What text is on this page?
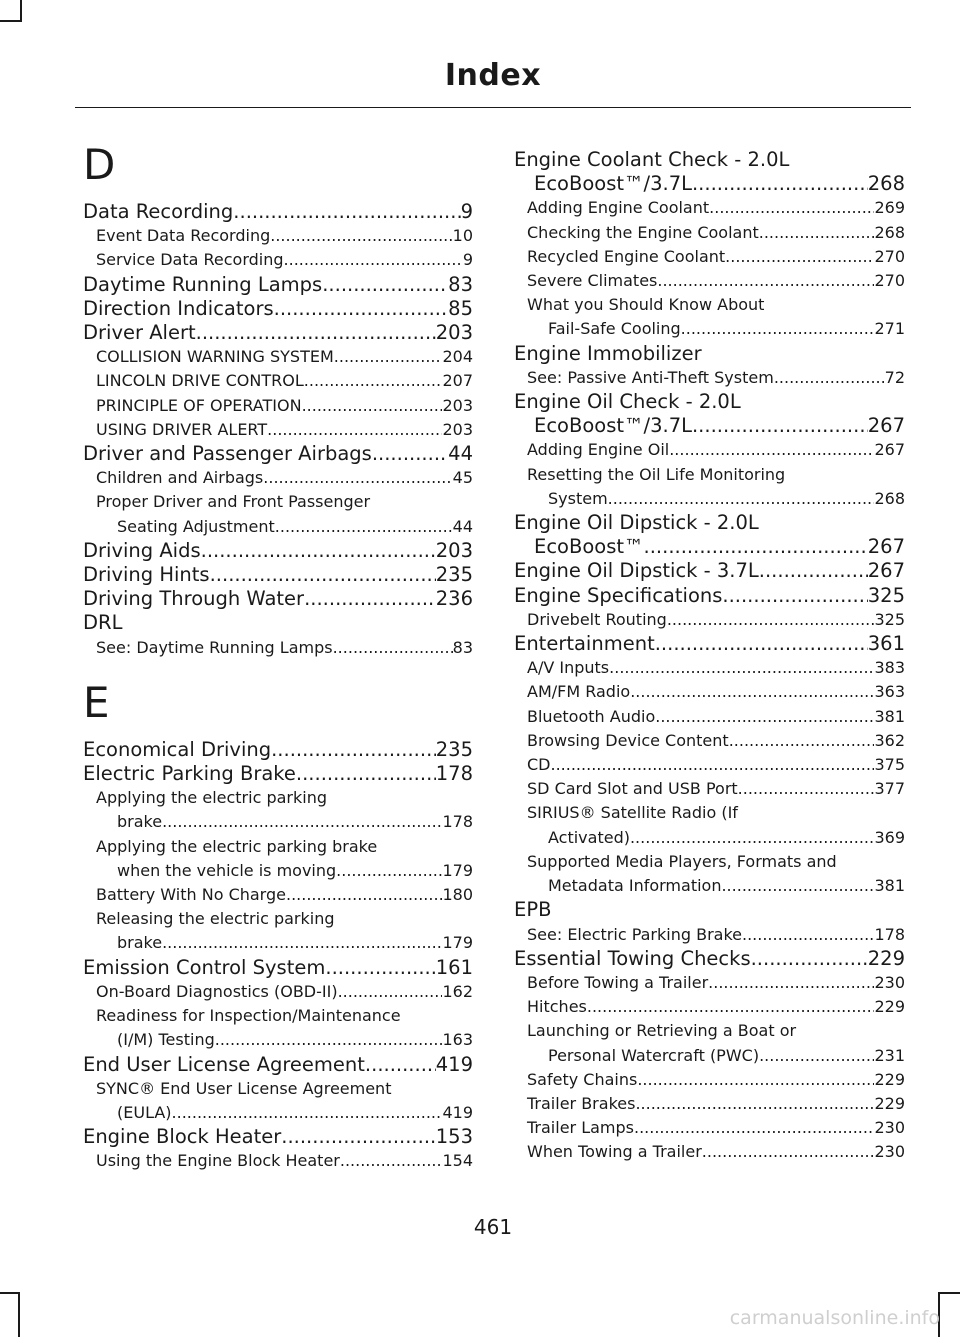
Index
D
Data Recording .....	9
Event Data Recording .....	10
Service Data Recording .....	9
Daytime Running Lamps .....	83
Direction Indicators .....	85
Driver Alert .....	203
COLLISION WARNING SYSTEM .....	204
LINCOLN DRIVE CONTROL .....	207
PRINCIPLE OF OPERATION .....	203
USING DRIVER ALERT .....	203
Driver and Passenger Airbags .....	44
Children and Airbags .....	45
Proper Driver and Front Passenger
Seating Adjustment .....	44
Driving Aids .....	203
Driving Hints .....	235
Driving Through Water .....	236
DRL
See: Daytime Running Lamps .....	83
E
Economical Driving .....	235
Electric Parking Brake .....	178
Applying the electric parking
brake .....	178
Applying the electric parking brake
when the vehicle is moving .....	179
Battery With No Charge .....	180
Releasing the electric parking
brake .....	179
Emission Control System .....	161
On-Board Diagnostics (OBD-II) .....	162
Readiness for Inspection/Maintenance
(I/M) Testing .....	163
End User License Agreement .....	419
SYNC® End User License Agreement
(EULA) .....	419
Engine Block Heater .....	153
Using the Engine Block Heater .....	154
Engine Coolant Check - 2.0L
EcoBoost™/3.7L .....	268
Adding Engine Coolant .....	269
Checking the Engine Coolant .....	268
Recycled Engine Coolant .....	270
Severe Climates .....	270
What you Should Know About
Fail-Safe Cooling .....	271
Engine Immobilizer
See: Passive Anti-Theft System .....	72
Engine Oil Check - 2.0L
EcoBoost™/3.7L .....	267
Adding Engine Oil .....	267
Resetting the Oil Life Monitoring
System .....	268
Engine Oil Dipstick - 2.0L
EcoBoost™ .....	267
Engine Oil Dipstick - 3.7L .....	267
Engine Specifications .....	325
Drivebelt Routing .....	325
Entertainment .....	361
A/V Inputs .....	383
AM/FM Radio .....	363
Bluetooth Audio .....	381
Browsing Device Content .....	362
CD .....	375
SD Card Slot and USB Port .....	377
SIRIUS® Satellite Radio (If
Activated) .....	369
Supported Media Players, Formats and
Metadata Information .....	381
EPB
See: Electric Parking Brake .....	178
Essential Towing Checks .....	229
Before Towing a Trailer .....	230
Hitches .....	229
Launching or Retrieving a Boat or
Personal Watercraft (PWC) .....	231
Safety Chains .....	229
Trailer Brakes .....	229
Trailer Lamps .....	230
When Towing a Trailer .....	230
461
carmanualsonline.info
